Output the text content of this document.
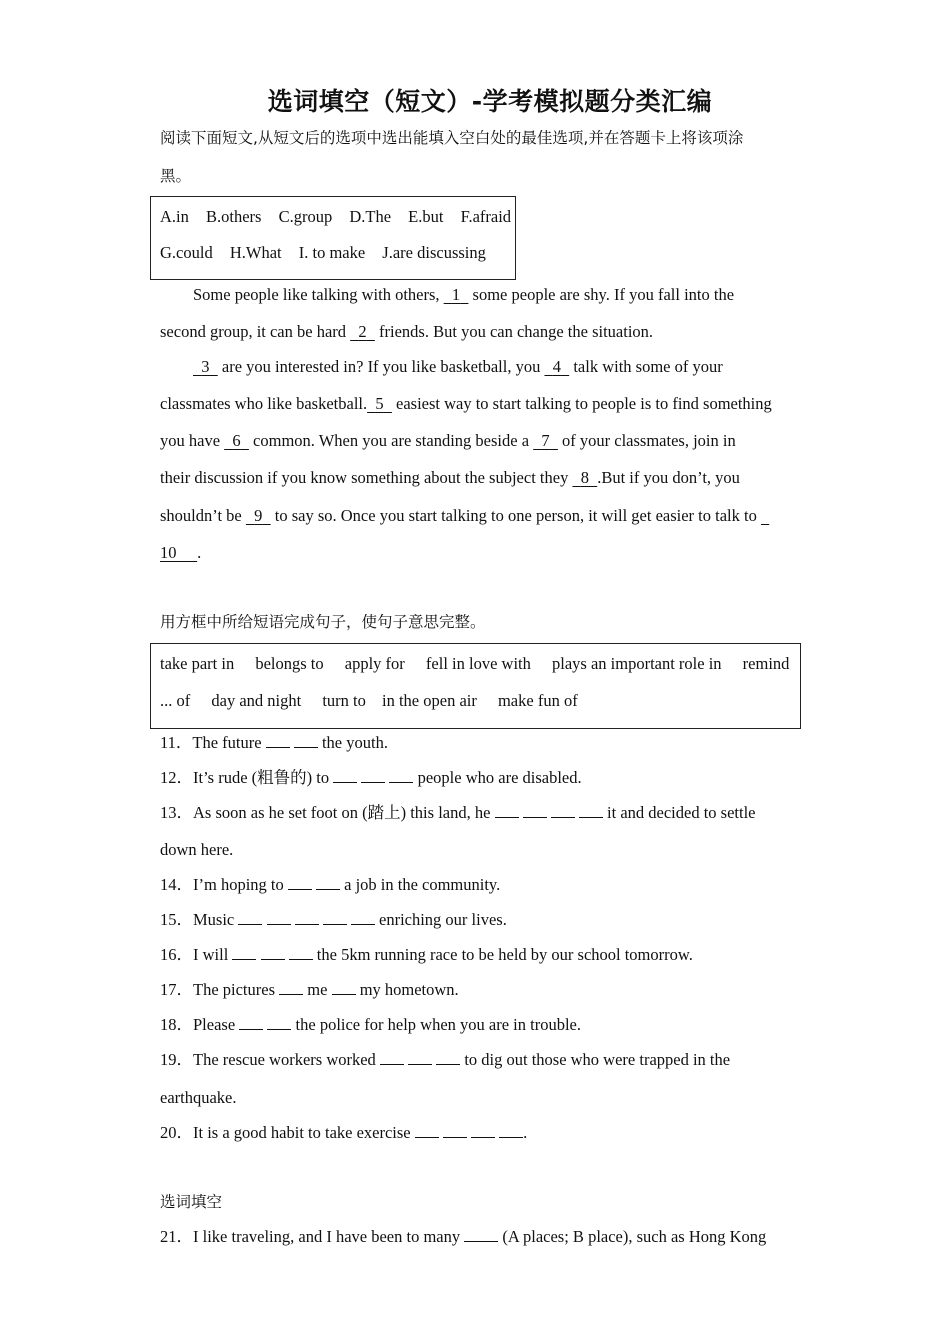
选词填空（短文）-学考模拟题分类汇编
阅读下面短文,从短文后的选项中选出能填入空白处的最佳选项,并在答题卡上将该项涂
黑。
A.in B.others C.group D.The E.but F.afraid
G.could H.What I. to make J.are discussing
Some people like talking with others,   1   some people are shy. If you fall into the
second group, it can be hard   2   friends. But you can change the situation.
3   are you interested in? If you like basketball, you   4   talk with some of your
classmates who like basketball. 5   easiest way to start talking to people is to find something
you have   6   common. When you are standing beside a   7   of your classmates, join in
their discussion if you know something about the subject they   8 .But if you don’t, you
shouldn’t be   9   to say so. Once you start talking to one person, it will get easier to talk to
10 .
用方框中所给短语完成句子，使句子意思完整。
take part in belongs to apply for fell in love with plays an important role in remind
... of day and night turn to in the open air make fun of
11．The future	the youth.
12．It’s rude (粗鲁的) to	people who are disabled.
13．As soon as he set foot on (踏上) this land, he	it and decided to settle
down here.
14．I’m hoping to	a job in the community.
15．Music	enriching our lives.
16．I will	the 5km running race to be held by our school tomorrow.
17．The pictures  me  my hometown.
18．Please	the police for help when you are in trouble.
19．The rescue workers worked	to dig out those who were trapped in the
earthquake.
20．It is a good habit to take exercise	.
选词填空
21．I like traveling, and I have been to many  (A places; B place), such as Hong Kong
